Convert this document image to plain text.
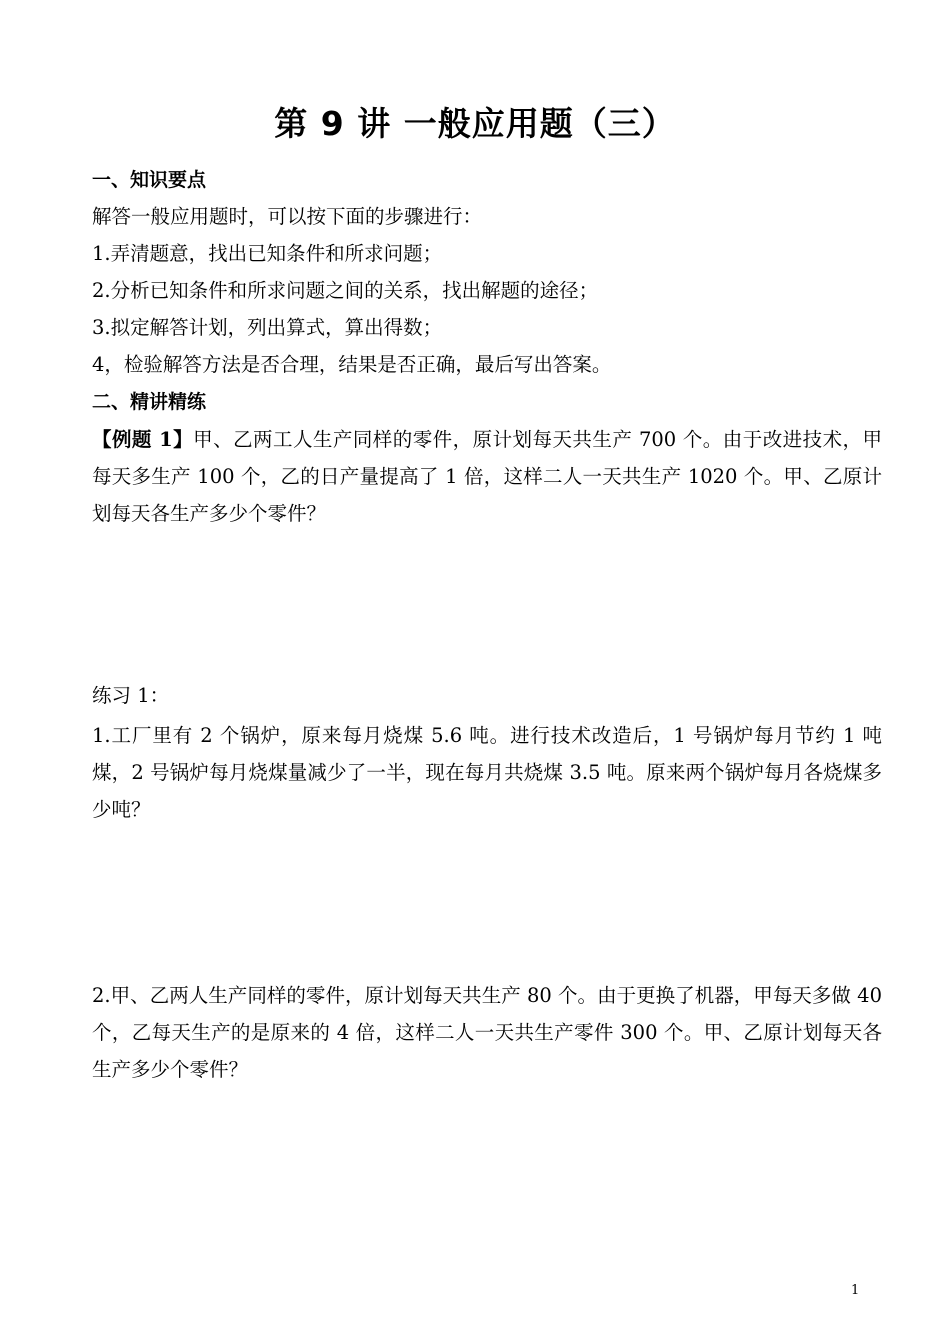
第 9 讲 一般应用题（三）
一、知识要点
解答一般应用题时，可以按下面的步骤进行：
1.弄清题意，找出已知条件和所求问题；
2.分析已知条件和所求问题之间的关系，找出解题的途径；
3.拟定解答计划，列出算式，算出得数；
4，检验解答方法是否合理，结果是否正确，最后写出答案。
二、精讲精练
【例题 1】甲、乙两工人生产同样的零件，原计划每天共生产 700 个。由于改进技术，甲每天多生产 100 个，乙的日产量提高了 1 倍，这样二人一天共生产 1020 个。甲、乙原计划每天各生产多少个零件？
练习 1：
1.工厂里有 2 个锅炉，原来每月烧煤 5.6 吨。进行技术改造后，1 号锅炉每月节约 1 吨煤，2 号锅炉每月烧煤量减少了一半，现在每月共烧煤 3.5 吨。原来两个锅炉每月各烧煤多少吨？
2.甲、乙两人生产同样的零件，原计划每天共生产 80 个。由于更换了机器，甲每天多做 40 个，乙每天生产的是原来的 4 倍，这样二人一天共生产零件 300 个。甲、乙原计划每天各生产多少个零件？
1
